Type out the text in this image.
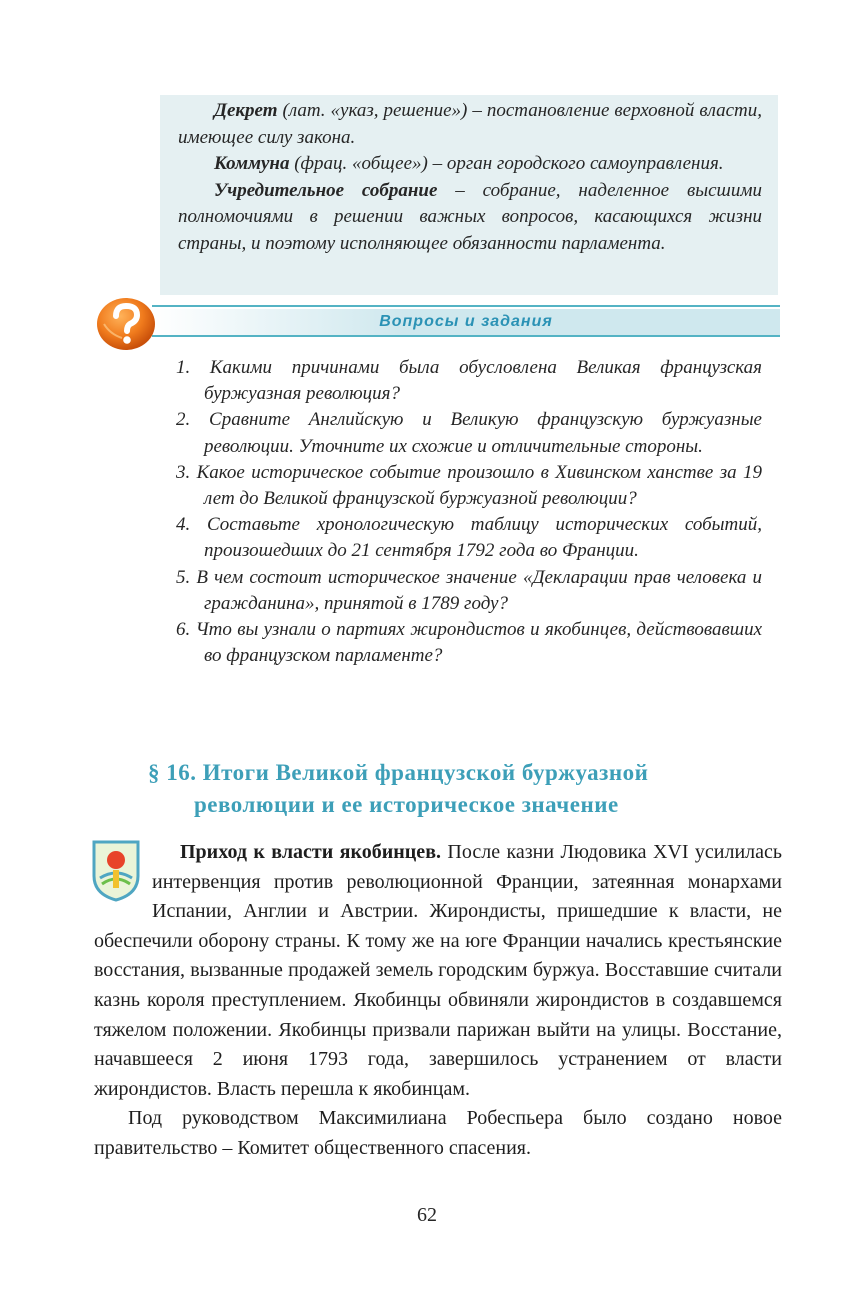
Декрет (лат. «указ, решение») – постановление верховной власти, имеющее силу закона.

Коммуна (фрац. «общее») – орган городского самоуправления.

Учредительное собрание – собрание, наделенное высшими полномочиями в решении важных вопросов, касающихся жизни страны, и поэтому исполняющее обязанности парламента.

Вопросы и задания

1. Какими причинами была обусловлена Великая французская буржуазная революция?

2. Сравните Английскую и Великую французскую буржуазные революции. Уточните их схожие и отличительные стороны.

3. Какое историческое событие произошло в Хивинском ханстве за 19 лет до Великой французской буржуазной революции?

4. Составьте хронологическую таблицу исторических событий, произошедших до 21 сентября 1792 года во Франции.

5. В чем состоит историческое значение «Декларации прав человека и гражданина», принятой в 1789 году?

6. Что вы узнали о партиях жирондистов и якобинцев, действовавших во французском парламенте?

§ 16. Итоги Великой французской буржуазной
революции и ее историческое значение

Приход к власти якобинцев. После казни Людовика XVI усилилась интервенция против революционной Франции, затеянная монархами Испании, Англии и Австрии. Жирондисты, пришедшие к власти, не обеспечили оборону страны. К тому же на юге Франции начались крестьянские восстания, вызванные продажей земель городским буржуа. Восставшие считали казнь короля преступлением. Якобинцы обвиняли жирондистов в создавшемся тяжелом положении. Якобинцы призвали парижан выйти на улицы. Восстание, начавшееся 2 июня 1793 года, завершилось устранением от власти жирондистов. Власть перешла к якобинцам.

Под руководством Максимилиана Робеспьера было создано новое правительство – Комитет общественного спасения.

62
